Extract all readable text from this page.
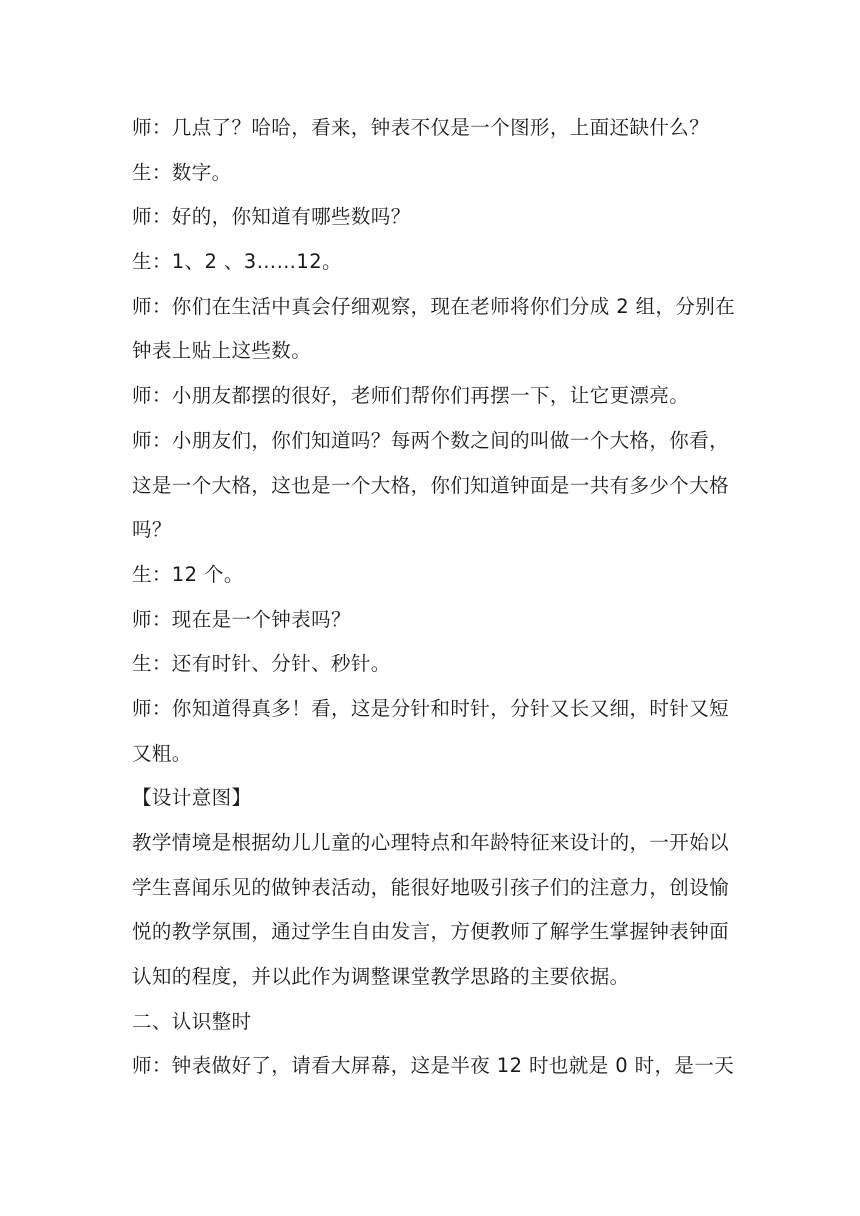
师：几点了？哈哈，看来，钟表不仅是一个图形，上面还缺什么？

生：数字。

师：好的，你知道有哪些数吗？

生：1、2 、3……12。

师：你们在生活中真会仔细观察，现在老师将你们分成 2 组，分别在

钟表上贴上这些数。

师：小朋友都摆的很好，老师们帮你们再摆一下，让它更漂亮。

师：小朋友们，你们知道吗？每两个数之间的叫做一个大格，你看，

这是一个大格，这也是一个大格，你们知道钟面是一共有多少个大格

吗？

生：12 个。

师：现在是一个钟表吗？

生：还有时针、分针、秒针。

师：你知道得真多！看，这是分针和时针，分针又长又细，时针又短

又粗。

【设计意图】

教学情境是根据幼儿儿童的心理特点和年龄特征来设计的，一开始以

学生喜闻乐见的做钟表活动，能很好地吸引孩子们的注意力，创设愉

悦的教学氛围，通过学生自由发言，方便教师了解学生掌握钟表钟面

认知的程度，并以此作为调整课堂教学思路的主要依据。

二、认识整时

师：钟表做好了，请看大屏幕，这是半夜 12 时也就是 0 时，是一天
